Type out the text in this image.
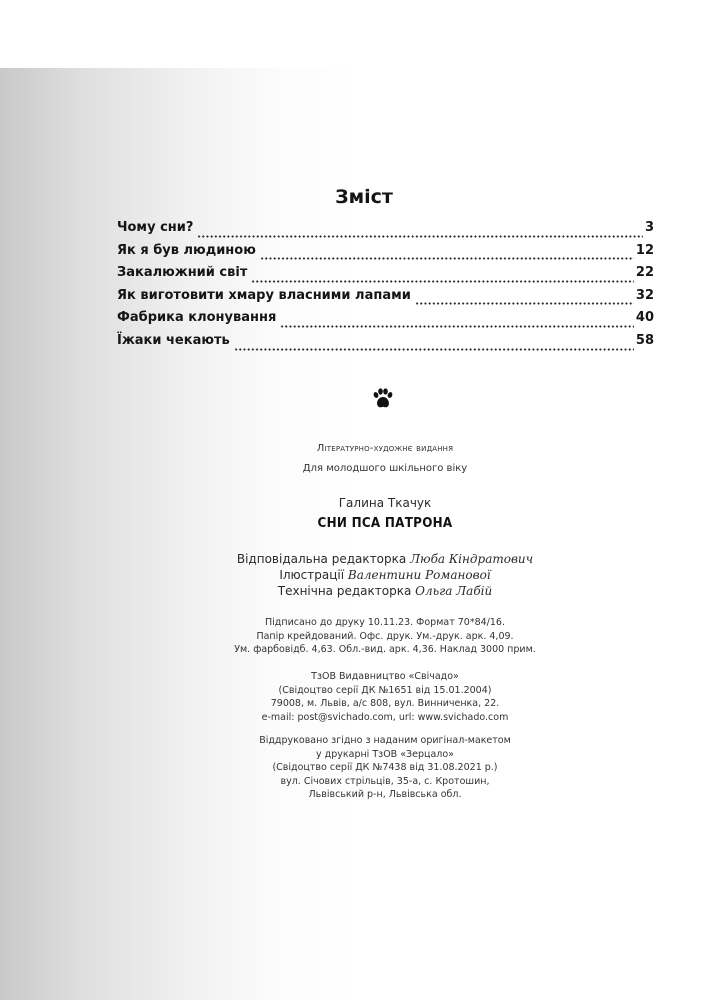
Зміст
Чому сни?	3
Як я був людиною	12
Закалюжний світ	22
Як виготовити хмару власними лапами	32
Фабрика клонування	40
Їжаки чекають	58
Літературно-художнє видання
Для молодшого шкільного віку
Галина Ткачук
СНИ ПСА ПАТРОНА
Відповідальна редакторка Люба Кіндратович
Ілюстрації Валентини Романової
Технічна редакторка Ольга Лабій
Підписано до друку 10.11.23. Формат 70*84/16.
Папір крейдований. Офс. друк. Ум.-друк. арк. 4,09.
Ум. фарбовідб. 4,63. Обл.-вид. арк. 4,36. Наклад 3000 прим.
ТзОВ Видавництво «Свічадо»
(Свідоцтво серії ДК №1651 від 15.01.2004)
79008, м. Львів, а/с 808, вул. Винниченка, 22.
e-mail: post@svichado.com, url: www.svichado.com
Віддруковано згідно з наданим оригінал-макетом
у друкарні ТзОВ «Зерцало»
(Свідоцтво серії ДК №7438 від 31.08.2021 р.)
вул. Січових стрільців, 35-а, с. Кротошин,
Львівський р-н, Львівська обл.
